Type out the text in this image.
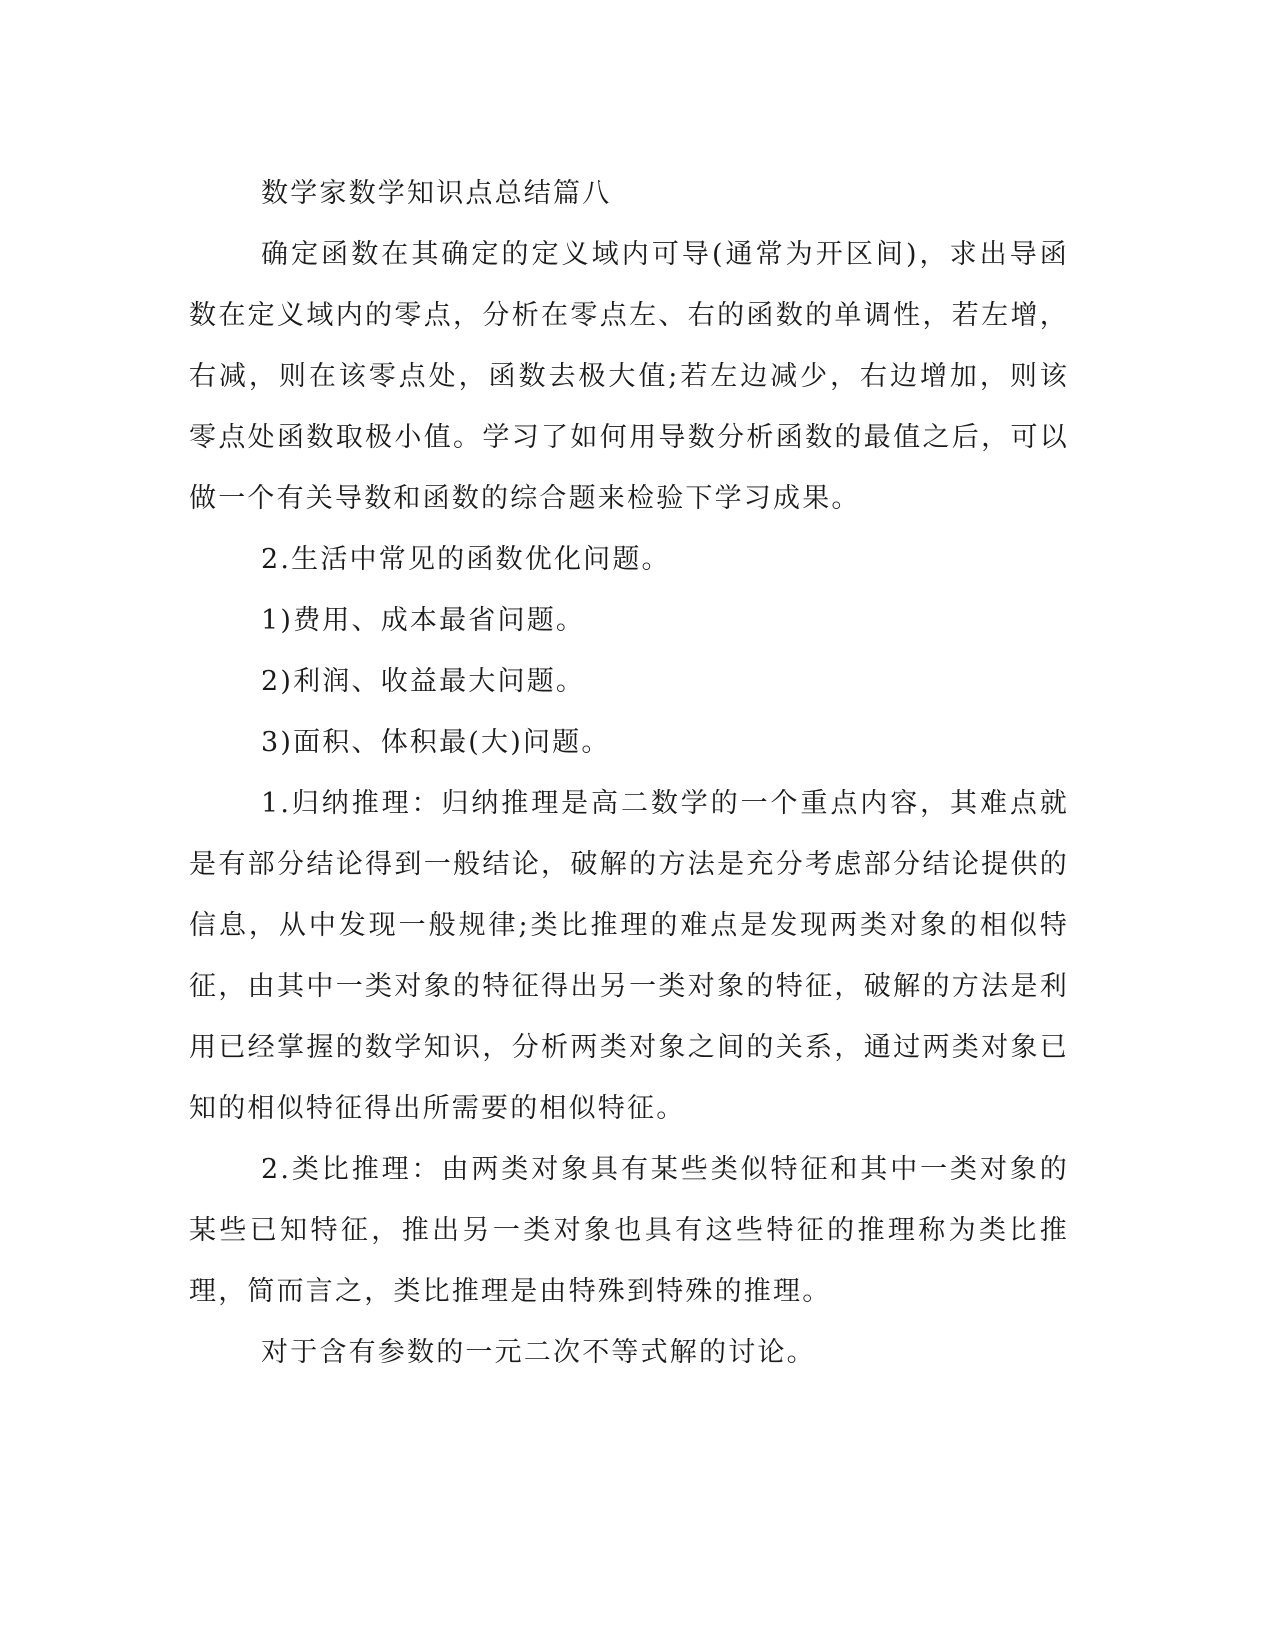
数学家数学知识点总结篇八

确定函数在其确定的定义域内可导(通常为开区间)，求出导函数在定义域内的零点，分析在零点左、右的函数的单调性，若左增，右减，则在该零点处，函数去极大值;若左边减少，右边增加，则该零点处函数取极小值。学习了如何用导数分析函数的最值之后，可以做一个有关导数和函数的综合题来检验下学习成果。

2.生活中常见的函数优化问题。

1)费用、成本最省问题。

2)利润、收益最大问题。

3)面积、体积最(大)问题。

1.归纳推理：归纳推理是高二数学的一个重点内容，其难点就是有部分结论得到一般结论，破解的方法是充分考虑部分结论提供的信息，从中发现一般规律;类比推理的难点是发现两类对象的相似特征，由其中一类对象的特征得出另一类对象的特征，破解的方法是利用已经掌握的数学知识，分析两类对象之间的关系，通过两类对象已知的相似特征得出所需要的相似特征。

2.类比推理：由两类对象具有某些类似特征和其中一类对象的某些已知特征，推出另一类对象也具有这些特征的推理称为类比推理，简而言之，类比推理是由特殊到特殊的推理。

对于含有参数的一元二次不等式解的讨论。
